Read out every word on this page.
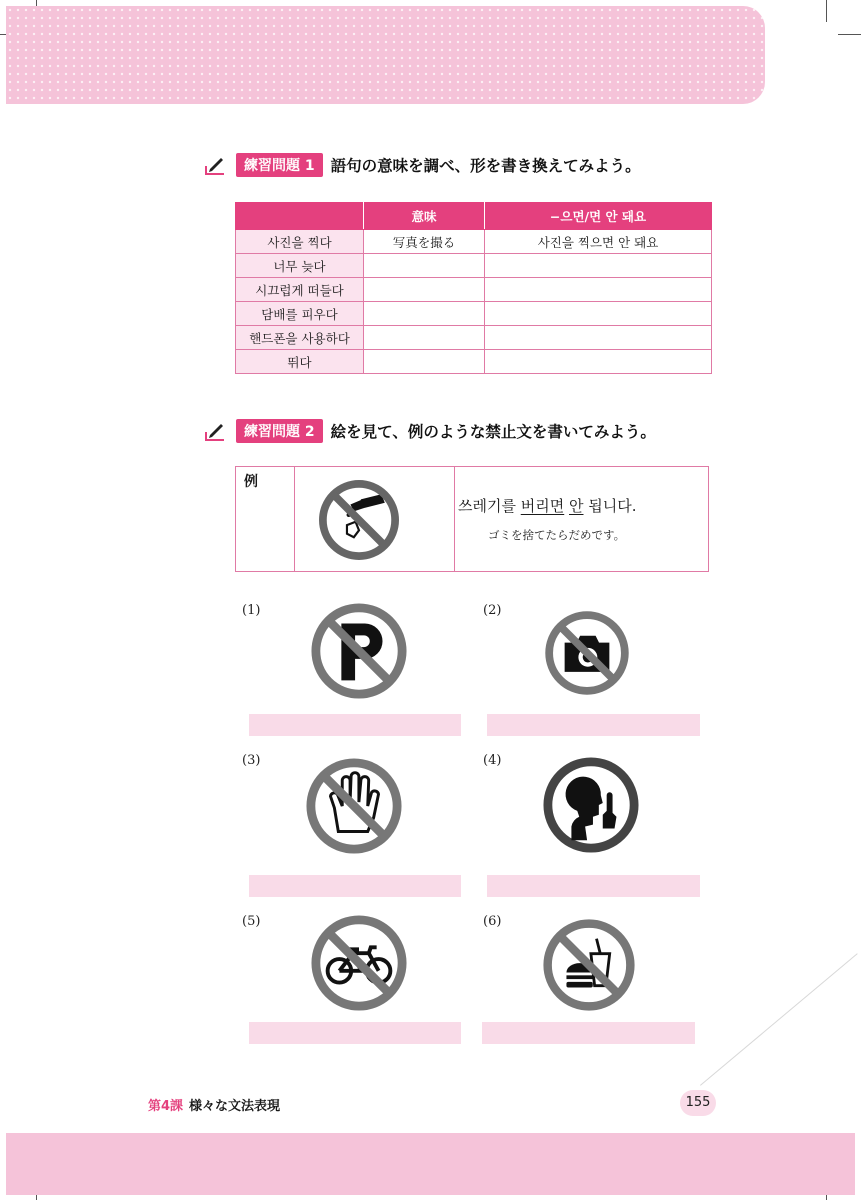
練習問題 1	語句の意味を調べ、形を書き換えてみよう。
	意味	−으면/면 안 돼요
사진을 찍다	写真を撮る	사진을 찍으면 안 돼요
너무 늦다		
시끄럽게 떠들다		
담배를 피우다		
핸드폰을 사용하다		
뛰다		
練習問題 2	絵を見て、例のような禁止文を書いてみよう。
例
쓰레기를 버리면 안 됩니다.
ゴミを捨てたらだめです。
(1)	(2)
(3)	(4)
(5)	(6)
第4課 様々な文法表現	155
